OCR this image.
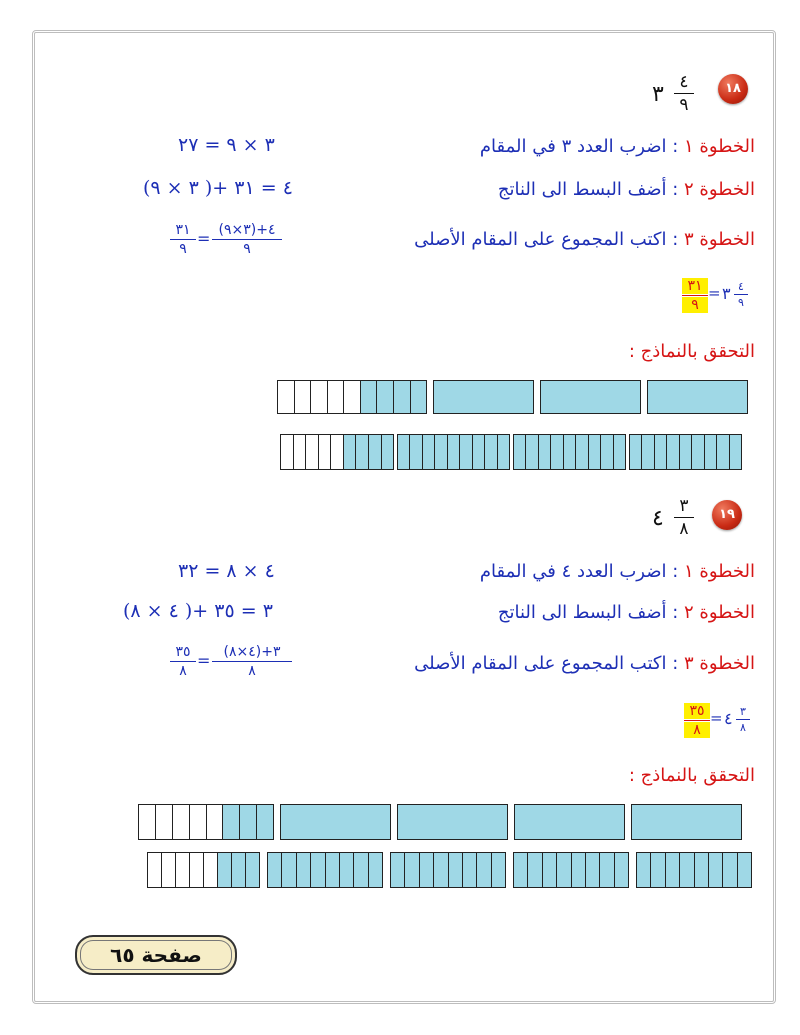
١٨
٣ ٤
٩
الخطوة ١ : اضرب العدد ٣ في المقام
٣ × ٩ = ٢٧
الخطوة ٢ : أضف البسط الى الناتج
(٣ × ٩ )+ ٤ = ٣١
الخطوة ٣ : اكتب المجموع على المقام الأصلى
٣١
٩
= (٣×٩)+٤
٩
٣١
٩
= ٣ ٤
٩
التحقق بالنماذج :
١٩
٤ ٣
٨
الخطوة ١ : اضرب العدد ٤ في المقام
٤ × ٨ = ٣٢
الخطوة ٢ : أضف البسط الى الناتج
(٤ × ٨ )+ ٣ = ٣٥
الخطوة ٣ : اكتب المجموع على المقام الأصلى
٣٥
٨
= (٤×٨)+٣
٨
٣٥
٨
= ٤ ٣
٨
التحقق بالنماذج :
صفحة ٦٥
